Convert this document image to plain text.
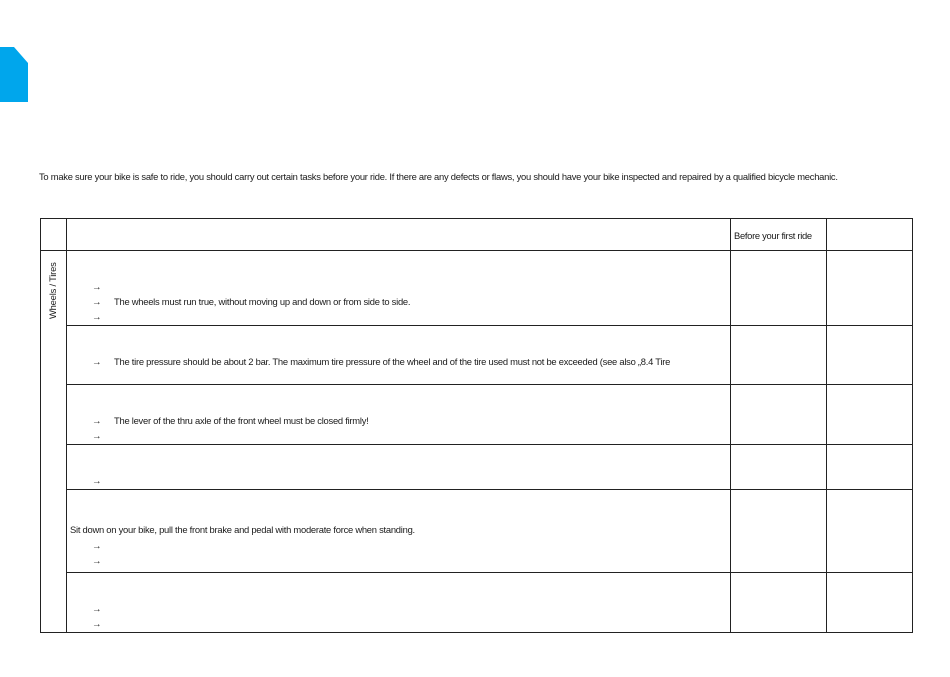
To make sure your bike is safe to ride, you should carry out certain tasks before your ride. If there are any defects or flaws, you should have your bike inspected and repaired by a qualified bicycle mechanic.

		Before your first ride	

Wheels / Tires	→
→ The wheels must run true, without moving up and down or from side to side.
→		

	→ The tire pressure should be about 2 bar. The maximum tire pressure of the wheel and of the tire used must not be exceeded (see also „8.4 Tire		

	→ The lever of the thru axle of the front wheel must be closed firmly!
→		

	→		

	Sit down on your bike, pull the front brake and pedal with moderate force when standing.
→
→		

	→
→		
